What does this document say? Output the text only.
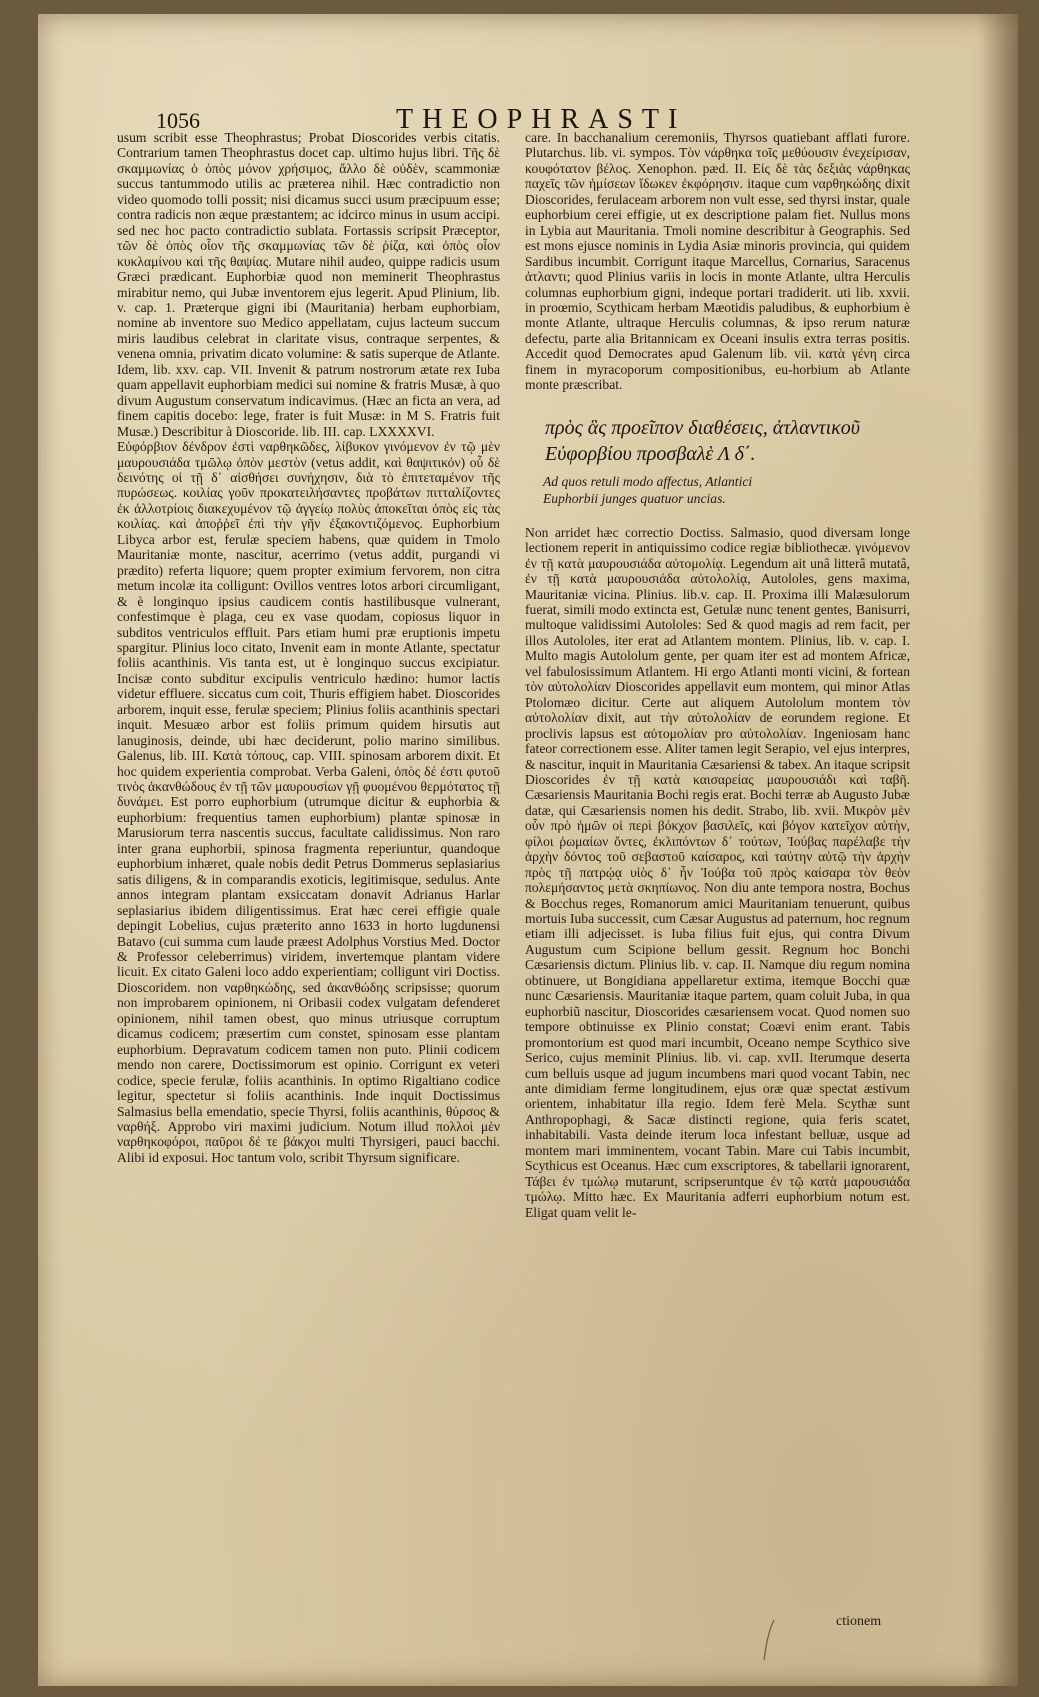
1056	THEOPHRASTI

usum scribit esse Theophrastus; Probat Dioscorides verbis citatis. Contrarium tamen Theophrastus docet cap. ultimo hujus libri. Τῆς δὲ σκαμμωνίας ὁ ὀπὸς μόνον χρήσιμος, ἄλλο δὲ οὐδὲν, scammoniæ succus tantummodo utilis ac præterea nihil. Hæc contradictio non video quomodo tolli possit; nisi dicamus succi usum præcipuum esse; contra radicis non æque præstantem; ac idcirco minus in usum accipi. sed nec hoc pacto contradictio sublata. Fortassis scripsit Præceptor, τῶν δὲ ὀπὸς οἷον τῆς σκαμμωνίας τῶν δὲ ῥίζα, καὶ ὀπὸς οἷον κυκλαμίνου καὶ τῆς θαψίας. Mutare nihil audeo, quippe radicis usum Græci prædicant. Euphorbiæ quod non meminerit Theophrastus mirabitur nemo, qui Jubæ inventorem ejus legerit. Apud Plinium, lib. v. cap. 1. Præterque gigni ibi (Mauritania) herbam euphorbiam, nomine ab inventore suo Medico appellatam, cujus lacteum succum miris laudibus celebrat in claritate visus, contraque serpentes, & venena omnia, privatim dicato volumine: & satis superque de Atlante. Idem, lib. xxv. cap. VII. Invenit & patrum nostrorum ætate rex Iuba quam appellavit euphorbiam medici sui nomine & fratris Musæ, à quo divum Augustum conservatum indicavimus. (Hæc an ficta an vera, ad finem capitis docebo: lege, frater is fuit Musæ: in M S. Fratris fuit Musæ.) Describitur à Dioscoride. lib. III. cap. LXXXXVI.

Εὐφόρβιον δένδρον ἐστὶ ναρθηκῶδες, λίβυκον γινόμενον ἐν τῷ μὲν μαυρουσιάδα τμῶλῳ ὀπὸν μεστὸν (vetus addit, καὶ θαψιτικόν) οὗ δὲ δεινότης οἱ τῇ δ᾽ αἰσθήσει συνήχησιν, διὰ τὸ ἐπιτεταμένον τῆς πυρώσεως. κοιλίας γοῦν προκατειλήσαντες προβάτων πιτταλίζοντες ἐκ ἀλλοτρίοις διακεχυμένον τῷ ἀγγείῳ πολὺς ἀποκεῖται ὁπὸς εἰς τὰς κοιλίας. καὶ ἀποῤῥεῖ ἐπὶ τὴν γῆν ἐξακοντιζόμενος. Euphorbium Libyca arbor est, ferulæ speciem habens, quæ quidem in Tmolo Mauritaniæ monte, nascitur, acerrimo (vetus addit, purgandi vi prædito) referta liquore; quem propter eximium fervorem, non citra metum incolæ ita colligunt: Ovillos ventres lotos arbori circumligant, & è longinquo ipsius caudicem contis hastilibusque vulnerant, confestimque è plaga, ceu ex vase quodam, copiosus liquor in subditos ventriculos effluit. Pars etiam humi præ eruptionis impetu spargitur. Plinius loco citato, Invenit eam in monte Atlante, spectatur foliis acanthinis. Vis tanta est, ut è longinquo succus excipiatur. Incisæ conto subditur excipulis ventriculo hædino: humor lactis videtur effluere. siccatus cum coit, Thuris effigiem habet. Dioscorides arborem, inquit esse, ferulæ speciem; Plinius foliis acanthinis spectari inquit. Mesuæo arbor est foliis primum quidem hirsutis aut lanuginosis, deinde, ubi hæc deciderunt, polio marino similibus. Galenus, lib. III. Κατὰ τόπους, cap. VIII. spinosam arborem dixit. Et hoc quidem experientia comprobat. Verba Galeni, ὀπὸς δέ ἐστι φυτοῦ τινὸς ἀκανθώδους ἐν τῇ τῶν μαυρουσίων γῇ φυομένου θερμότατος τῇ δυνάμει. Est porro euphorbium (utrumque dicitur & euphorbia & euphorbium: frequentius tamen euphorbium) plantæ spinosæ in Marusiorum terra nascentis succus, facultate calidissimus. Non raro inter grana euphorbii, spinosa fragmenta reperiuntur, quandoque euphorbium inhæret, quale nobis dedit Petrus Dommerus seplasiarius satis diligens, & in comparandis exoticis, legitimisque, sedulus. Ante annos integram plantam exsiccatam donavit Adrianus Harlar seplasiarius ibidem diligentissimus. Erat hæc cerei effigie quale depingit Lobelius, cujus præterito anno 1633 in horto lugdunensi Batavo (cui summa cum laude præest Adolphus Vorstius Med. Doctor & Professor celeberrimus) viridem, invertemque plantam videre licuit. Ex citato Galeni loco addo experientiam; colligunt viri Doctiss. Dioscoridem. non ναρθηκώδης, sed ἀκανθώδης scripsisse; quorum non improbarem opinionem, ni Oribasii codex vulgatam defenderet opinionem, nihil tamen obest, quo minus utriusque corruptum dicamus codicem; præsertim cum constet, spinosam esse plantam euphorbium. Depravatum codicem tamen non puto. Plinii codicem mendo non carere, Doctissimorum est opinio. Corrigunt ex veteri codice, specie ferulæ, foliis acanthinis. In optimo Rigaltiano codice legitur, spectetur si foliis acanthinis. Inde inquit Doctissimus Salmasius bella emendatio, specie Thyrsi, foliis acanthinis, θύρσος & ναρθήξ. Approbo viri maximi judicium. Notum illud πολλοὶ μὲν ναρθηκοφόροι, παῦροι δέ τε βάκχοι multi Thyrsigeri, pauci bacchi. Alibi id exposui. Hoc tantum volo, scribit Thyrsum significare.

care. In bacchanalium ceremoniis, Thyrsos quatiebant afflati furore. Plutarchus. lib. vi. sympos. Τὸν νάρθηκα τοῖς μεθύουσιν ἐνεχείρισαν, κουφότατον βέλος. Xenophon. pæd. II. Εἰς δὲ τὰς δεξιὰς νάρθηκας παχεῖς τῶν ἡμίσεων ἴδωκεν ἐκφόρησιν. itaque cum ναρθηκώδης dixit Dioscorides, ferulaceam arborem non vult esse, sed thyrsi instar, quale euphorbium cerei effigie, ut ex descriptione palam fiet. Nullus mons in Lybia aut Mauritania. Tmoli nomine describitur à Geographis. Sed est mons ejusce nominis in Lydia Asiæ minoris provincia, qui quidem Sardibus incumbit. Corrigunt itaque Marcellus, Cornarius, Saracenus ἀτλαντι; quod Plinius variis in locis in monte Atlante, ultra Herculis columnas euphorbium gigni, indeque portari tradiderit. uti lib. xxvii. in proœmio, Scythicam herbam Mæotidis paludibus, & euphorbium è monte Atlante, ultraque Herculis columnas, & ipso rerum naturæ defectu, parte alia Britannicam ex Oceani insulis extra terras positis. Accedit quod Democrates apud Galenum lib. vii. κατὰ γένη circa finem in myracoporum compositionibus, eu-horbium ab Atlante monte præscribat.

πρὸς ἃς προεῖπον διαθέσεις, ἀτλαντικοῦ
Εὐφορβίου προσβαλὲ Λ δ΄.
Ad quos retuli modo affectus, Atlantici
Euphorbii junges quatuor uncias.

Non arridet hæc correctio Doctiss. Salmasio, quod diversam longe lectionem reperit in antiquissimo codice regiæ bibliothecæ. γινόμενον ἐν τῇ κατὰ μαυρουσιάδα αὐτομολίᾳ. Legendum ait unâ litterâ mutatâ, ἐν τῇ κατὰ μαυρουσιάδα αὐτολολίᾳ, Autololes, gens maxima, Mauritaniæ vicina. Plinius. lib.v. cap. II. Proxima illi Malæsulorum fuerat, simili modo extincta est, Getulæ nunc tenent gentes, Banisurri, multoque validissimi Autololes: Sed & quod magis ad rem facit, per illos Autololes, iter erat ad Atlantem montem. Plinius, lib. v. cap. I. Multo magis Autololum gente, per quam iter est ad montem Africæ, vel fabulosissimum Atlantem. Hi ergo Atlanti monti vicini, & fortean τὸν αὐτολολίαν Dioscorides appellavit eum montem, qui minor Atlas Ptolomæo dicitur. Certe aut aliquem Autololum montem τὸν αὐτολολίαν dixit, aut τὴν αὐτολολίαν de eorundem regione. Et proclivis lapsus est αὐτομολίαν pro αὐτολολίαν. Ingeniosam hanc fateor correctionem esse. Aliter tamen legit Serapio, vel ejus interpres, & nascitur, inquit in Mauritania Cæsariensi & tabex. An itaque scripsit Dioscorides ἐν τῇ κατὰ καισαρείας μαυρουσιάδι καὶ ταβῆ. Cæsariensis Mauritania Bochi regis erat. Bochi terræ ab Augusto Jubæ datæ, qui Cæsariensis nomen his dedit. Strabo, lib. xvii. Μικρὸν μὲν οὖν πρὸ ἡμῶν οἱ περὶ βόκχον βασιλεῖς, καὶ βόγον κατεῖχον αὐτὴν, φίλοι ῥωμαίων ὄντες, ἐκλιπόντων δ᾽ τούτων, Ἰούβας παρέλαβε τὴν ἀρχὴν δόντος τοῦ σεβαστοῦ καίσαρος, καὶ ταύτην αὐτῷ τὴν ἀρχὴν πρὸς τῇ πατρῴᾳ υἱὸς δ᾽ ἦν Ἰούβα τοῦ πρὸς καίσαρα τὸν θεὸν πολεμήσαντος μετὰ σκηπίωνος. Non diu ante tempora nostra, Bochus & Bocchus reges, Romanorum amici Mauritaniam tenuerunt, quibus mortuis Iuba successit, cum Cæsar Augustus ad paternum, hoc regnum etiam illi adjecisset. is Iuba filius fuit ejus, qui contra Divum Augustum cum Scipione bellum gessit. Regnum hoc Bonchi Cæsariensis dictum. Plinius lib. v. cap. II. Namque diu regum nomina obtinuere, ut Bongidiana appellaretur extima, itemque Bocchi quæ nunc Cæsariensis. Mauritaniæ itaque partem, quam coluit Juba, in qua euphorbiũ nascitur, Dioscorides cæsariensem vocat. Quod nomen suo tempore obtinuisse ex Plinio constat; Coævi enim erant. Tabis promontorium est quod mari incumbit, Oceano nempe Scythico sive Serico, cujus meminit Plinius. lib. vi. cap. xvII. Iterumque deserta cum belluis usque ad jugum incumbens mari quod vocant Tabin, nec ante dimidiam ferme longitudinem, ejus oræ quæ spectat æstivum orientem, inhabitatur illa regio. Idem ferè Mela. Scythæ sunt Anthropophagi, & Sacæ distincti regione, quia feris scatet, inhabitabili. Vasta deinde iterum loca infestant belluæ, usque ad montem mari imminentem, vocant Tabin. Mare cui Tabis incumbit, Scythicus est Oceanus. Hæc cum exscriptores, & tabellarii ignorarent, Τάβει ἐν τμώλῳ mutarunt, scripseruntque ἐν τῷ κατὰ μαρουσιάδα τμώλῳ. Mitto hæc. Ex Mauritania adferri euphorbium notum est. Eligat quam velit le-

ctionem
